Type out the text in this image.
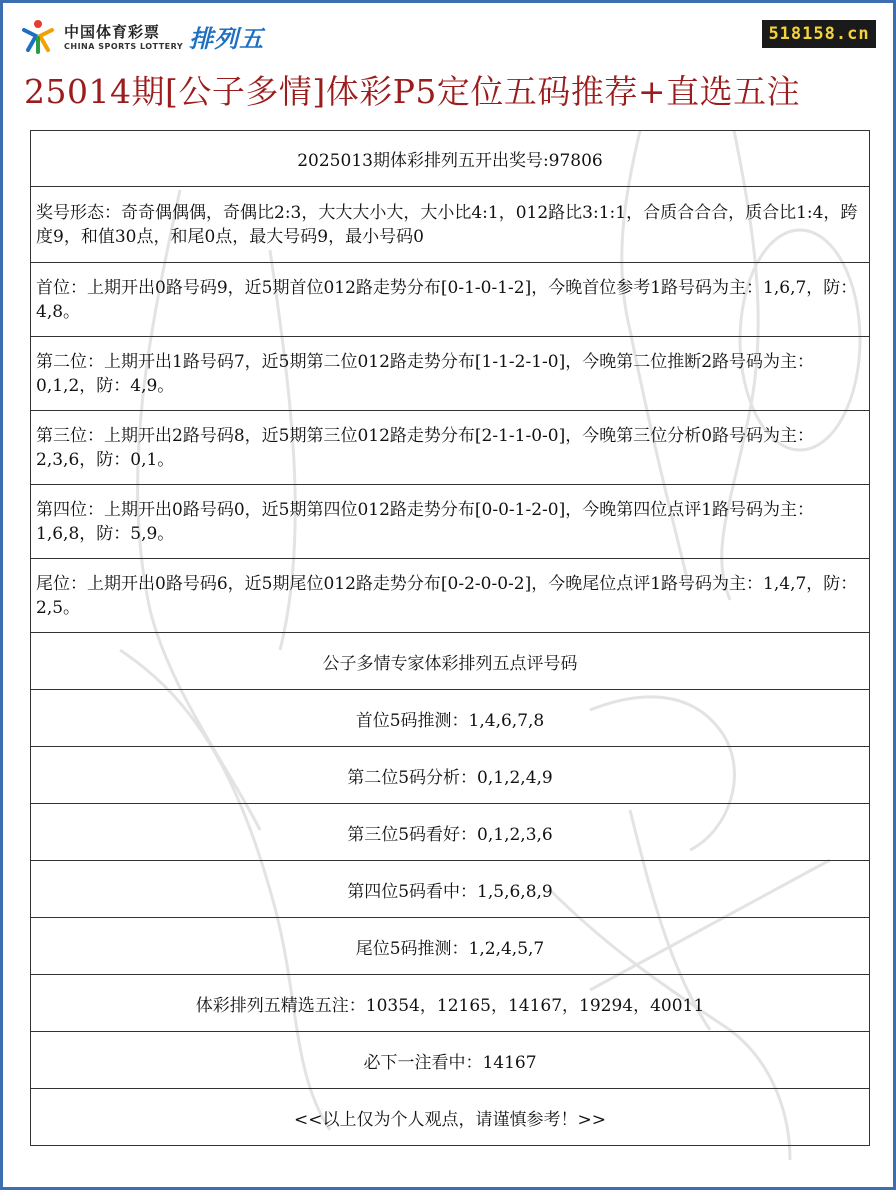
中国体育彩票
CHINA SPORTS LOTTERY 排列五	518158.cn
25014期[公子多情]体彩P5定位五码推荐+直选五注
2025013期体彩排列五开出奖号:97806
奖号形态：奇奇偶偶偶，奇偶比2:3，大大大小大，大小比4:1，012路比3:1:1，合质合合合，质合比1:4，跨度9，和值30点，和尾0点，最大号码9，最小号码0
首位：上期开出0路号码9，近5期首位012路走势分布[0-1-0-1-2]，今晚首位参考1路号码为主：1,6,7，防：4,8。
第二位：上期开出1路号码7，近5期第二位012路走势分布[1-1-2-1-0]，今晚第二位推断2路号码为主：0,1,2，防：4,9。
第三位：上期开出2路号码8，近5期第三位012路走势分布[2-1-1-0-0]，今晚第三位分析0路号码为主：2,3,6，防：0,1。
第四位：上期开出0路号码0，近5期第四位012路走势分布[0-0-1-2-0]，今晚第四位点评1路号码为主：1,6,8，防：5,9。
尾位：上期开出0路号码6，近5期尾位012路走势分布[0-2-0-0-2]，今晚尾位点评1路号码为主：1,4,7，防：2,5。
公子多情专家体彩排列五点评号码
首位5码推测：1,4,6,7,8
第二位5码分析：0,1,2,4,9
第三位5码看好：0,1,2,3,6
第四位5码看中：1,5,6,8,9
尾位5码推测：1,2,4,5,7
体彩排列五精选五注：10354，12165，14167，19294，40011
必下一注看中：14167
<<以上仅为个人观点，请谨慎参考！>>
